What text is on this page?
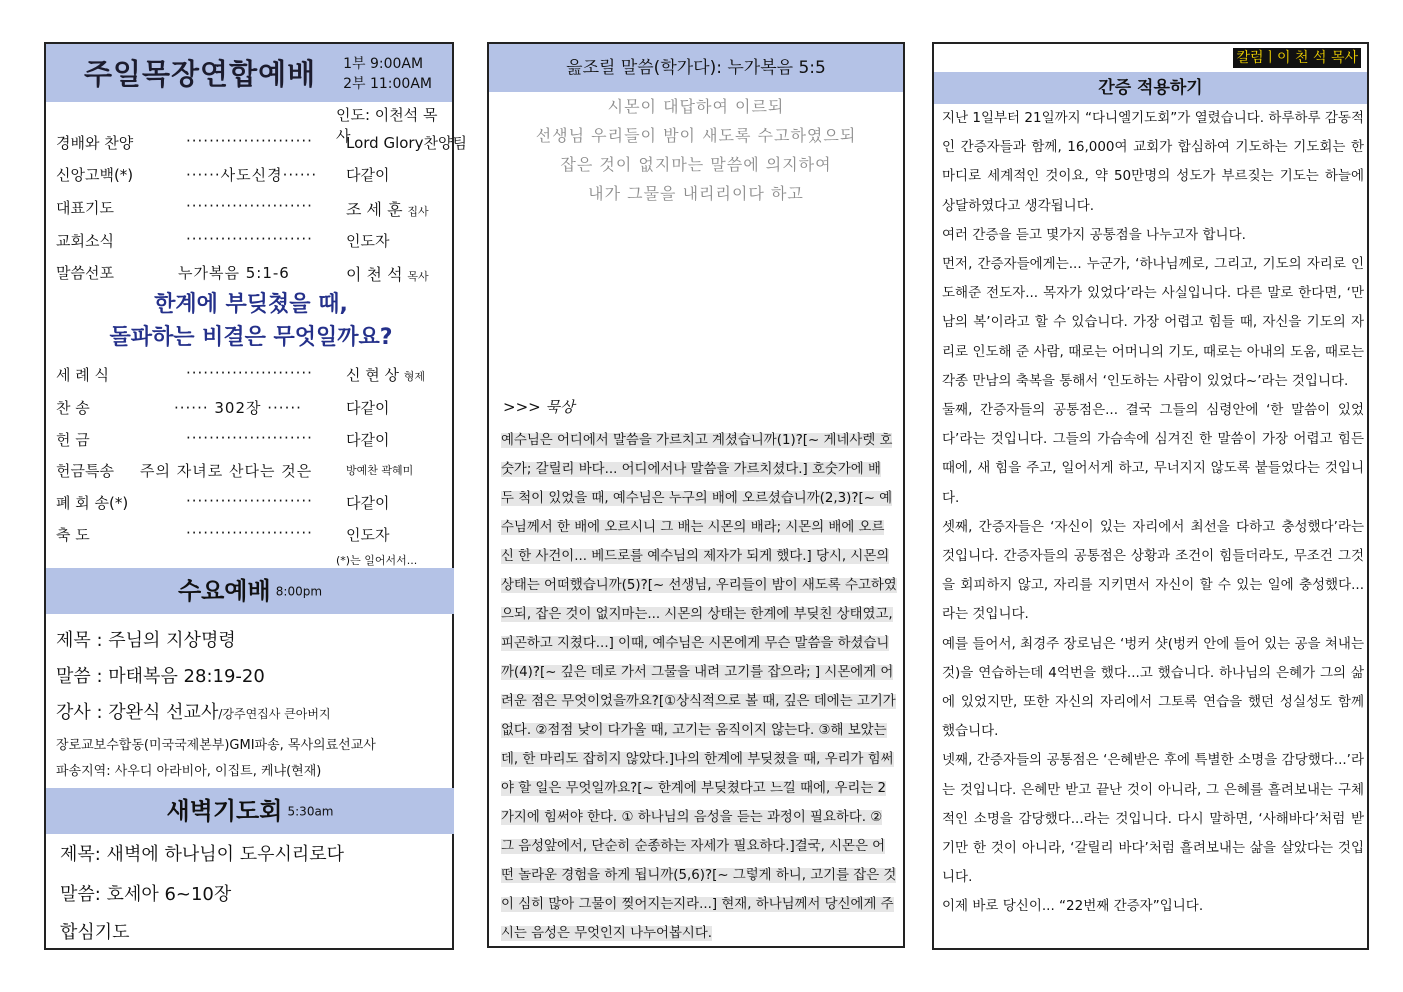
주일목장연합예배 1부 9:00AM
2부 11:00AM
인도: 이천석 목사
경배와 찬양	······················ Lord Glory찬양팀
신앙고백(*)	······사도신경······ 다같이
대표기도	······················ 조 세 훈 집사
교회소식	······················ 인도자
말씀선포	누가복음 5:1-6	이 천 석 목사
한계에 부딪쳤을 때,
돌파하는 비결은 무엇일까요?
세 례 식	······················ 신 현 상 형제
찬 송	······ 302장 ······	다같이
헌 금	······················ 다같이
헌금특송 주의 자녀로 산다는 것은	방예찬 곽혜미
폐 회 송(*)	······················ 다같이
축 도	······················ 인도자
(*)는 일어서서...
수요예배 8:00pm
제목 : 주님의 지상명령
말씀 : 마태복음 28:19-20
강사 : 강완식 선교사/강주연집사 큰아버지
장로교보수합동(미국국제본부)GMI파송, 목사의료선교사
파송지역: 사우디 아라비아, 이집트, 케냐(현재)
새벽기도회 5:30am
제목: 새벽에 하나님이 도우시리로다
말씀: 호세아 6~10장
합심기도
읊조릴 말씀(학가다): 누가복음 5:5
시몬이 대답하여 이르되
선생님 우리들이 밤이 새도록 수고하였으되
잡은 것이 없지마는 말씀에 의지하여
내가 그물을 내리리이다 하고
>>> 묵상
예수님은 어디에서 말씀을 가르치고 계셨습니까(1)?[~ 게네사렛 호숫가; 갈릴리 바다... 어디에서나 말씀을 가르치셨다.] 호숫가에 배 두 척이 있었을 때, 예수님은 누구의 배에 오르셨습니까(2,3)?[~ 예수님께서 한 배에 오르시니 그 배는 시몬의 배라; 시몬의 배에 오르신 한 사건이... 베드로를 예수님의 제자가 되게 했다.] 당시, 시몬의 상태는 어떠했습니까(5)?[~ 선생님, 우리들이 밤이 새도록 수고하였으되, 잡은 것이 없지마는... 시몬의 상태는 한계에 부딪친 상태였고, 피곤하고 지쳤다...] 이때, 예수님은 시몬에게 무슨 말씀을 하셨습니까(4)?[~ 깊은 데로 가서 그물을 내려 고기를 잡으라; ] 시몬에게 어려운 점은 무엇이었을까요?[①상식적으로 볼 때, 깊은 데에는 고기가 없다. ②점점 낮이 다가올 때, 고기는 움직이지 않는다. ③해 보았는데, 한 마리도 잡히지 않았다.]나의 한계에 부딪쳤을 때, 우리가 힘써야 할 일은 무엇일까요?[~ 한계에 부딪쳤다고 느낄 때에, 우리는 2가지에 힘써야 한다. ① 하나님의 음성을 듣는 과정이 필요하다. ② 그 음성앞에서, 단순히 순종하는 자세가 필요하다.]결국, 시몬은 어떤 놀라운 경험을 하게 됩니까(5,6)?[~ 그렇게 하니, 고기를 잡은 것이 심히 많아 그물이 찢어지는지라...] 현재, 하나님께서 당신에게 주시는 음성은 무엇인지 나누어봅시다.
칼럼ㅣ이 천 석 목사
간증 적용하기

지난 1일부터 21일까지 “다니엘기도회”가 열렸습니다. 하루하루 감동적인 간증자들과 함께, 16,000여 교회가 합심하여 기도하는 기도회는 한마디로 세계적인 것이요, 약 50만명의 성도가 부르짖는 기도는 하늘에 상달하였다고 생각됩니다.

여러 간증을 듣고 몇가지 공통점을 나누고자 합니다.

먼저, 간증자들에게는... 누군가, ‘하나님께로, 그리고, 기도의 자리로 인도해준 전도자... 목자가 있었다’라는 사실입니다. 다른 말로 한다면, ‘만남의 복’이라고 할 수 있습니다. 가장 어렵고 힘들 때, 자신을 기도의 자리로 인도해 준 사람, 때로는 어머니의 기도, 때로는 아내의 도움, 때로는 각종 만남의 축복을 통해서 ‘인도하는 사람이 있었다~’라는 것입니다.

둘째, 간증자들의 공통점은... 결국 그들의 심령안에 ‘한 말씀이 있었다’라는 것입니다. 그들의 가슴속에 심겨진 한 말씀이 가장 어렵고 힘든 때에, 새 힘을 주고, 일어서게 하고, 무너지지 않도록 붙들었다는 것입니다.

셋째, 간증자들은 ‘자신이 있는 자리에서 최선을 다하고 충성했다’라는 것입니다. 간증자들의 공통점은 상황과 조건이 힘들더라도, 무조건 그것을 회피하지 않고, 자리를 지키면서 자신이 할 수 있는 일에 충성했다...라는 것입니다.

예를 들어서, 최경주 장로님은 ‘벙커 샷(벙커 안에 들어 있는 공을 쳐내는 것)을 연습하는데 4억번을 했다...고 했습니다. 하나님의 은혜가 그의 삶에 있었지만, 또한 자신의 자리에서 그토록 연습을 했던 성실성도 함께 했습니다.

넷째, 간증자들의 공통점은 ‘은혜받은 후에 특별한 소명을 감당했다...’라는 것입니다. 은혜만 받고 끝난 것이 아니라, 그 은혜를 흘려보내는 구체적인 소명을 감당했다...라는 것입니다. 다시 말하면, ‘사해바다’처럼 받기만 한 것이 아니라, ‘갈릴리 바다’처럼 흘려보내는 삶을 살았다는 것입니다.

이제 바로 당신이... “22번째 간증자”입니다.
